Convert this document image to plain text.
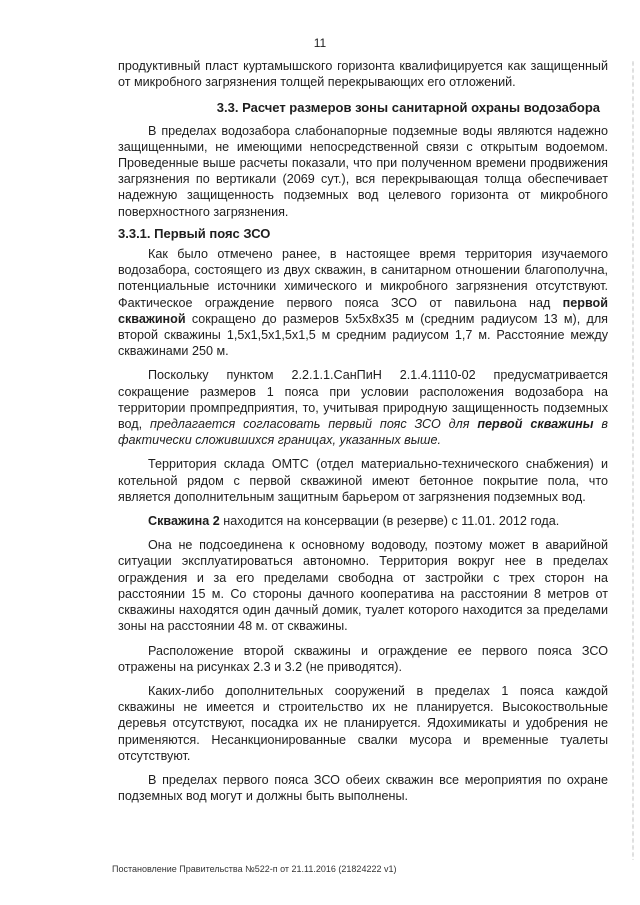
11

продуктивный пласт куртамышского горизонта квалифицируется как защищенный от микробного загрязнения толщей перекрывающих его отложений.

3.3. Расчет размеров зоны санитарной охраны водозабора

В пределах водозабора слабонапорные подземные воды являются надежно защищенными, не имеющими непосредственной связи с открытым водоемом. Проведенные выше расчеты показали, что при полученном времени продвижения загрязнения по вертикали (2069 сут.), вся перекрывающая толща обеспечивает надежную защищенность подземных вод целевого горизонта от микробного поверхностного загрязнения.

3.3.1. Первый пояс ЗСО

Как было отмечено ранее, в настоящее время территория изучаемого водозабора, состоящего из двух скважин, в санитарном отношении благополучна, потенциальные источники химического и микробного загрязнения отсутствуют. Фактическое ограждение первого пояса ЗСО от павильона над первой скважиной сокращено до размеров 5х5х8х35 м (средним радиусом 13 м), для второй скважины 1,5х1,5х1,5х1,5 м средним радиусом 1,7 м. Расстояние между скважинами 250 м.

Поскольку пунктом 2.2.1.1.СанПиН 2.1.4.1110-02 предусматривается сокращение размеров 1 пояса при условии расположения водозабора на территории промпредприятия, то, учитывая природную защищенность подземных вод, предлагается согласовать первый пояс ЗСО для первой скважины в фактически сложившихся границах, указанных выше.

Территория склада ОМТС (отдел материально-технического снабжения) и котельной рядом с первой скважиной имеют бетонное покрытие пола, что является дополнительным защитным барьером от загрязнения подземных вод.

Скважина 2 находится на консервации (в резерве) с 11.01. 2012 года.

Она не подсоединена к основному водоводу, поэтому может в аварийной ситуации эксплуатироваться автономно. Территория вокруг нее в пределах ограждения и за его пределами свободна от застройки с трех сторон на расстоянии 15 м. Со стороны дачного кооператива на расстоянии 8 метров от скважины находятся один дачный домик, туалет которого находится за пределами зоны на расстоянии 48 м. от скважины.

Расположение второй скважины и ограждение ее первого пояса ЗСО отражены на рисунках 2.3 и 3.2 (не приводятся).

Каких-либо дополнительных сооружений в пределах 1 пояса каждой скважины не имеется и строительство их не планируется. Высокоствольные деревья отсутствуют, посадка их не планируется. Ядохимикаты и удобрения не применяются. Несанкционированные свалки мусора и временные туалеты отсутствуют.

В пределах первого пояса ЗСО обеих скважин все мероприятия по охране подземных вод могут и должны быть выполнены.

Постановление Правительства №522-п от 21.11.2016 (21824222 v1)
